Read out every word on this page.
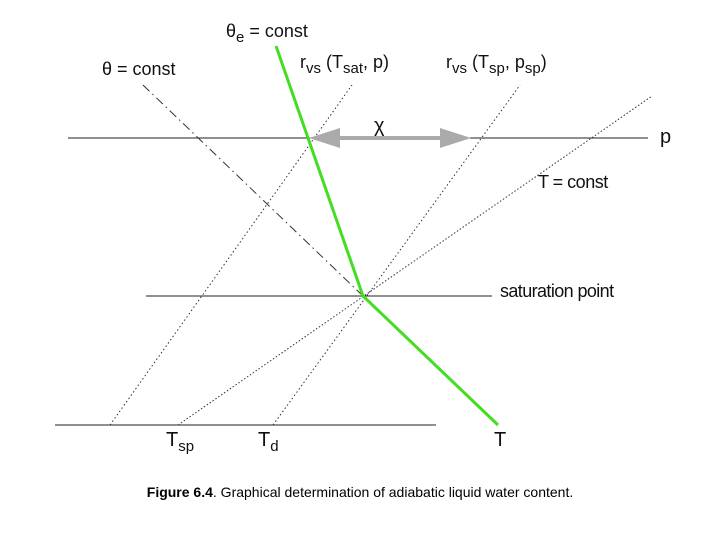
$\theta_e$ = const
θ = const	$r_{vs}$ ($T_{sat}$, p)	$r_{vs}$ ($T_{sp}$, $p_{sp}$)
χ	p
T = const
saturation point
$T_{sp}$	$T_d$	T
Figure 6.4. Graphical determination of adiabatic liquid water content.
